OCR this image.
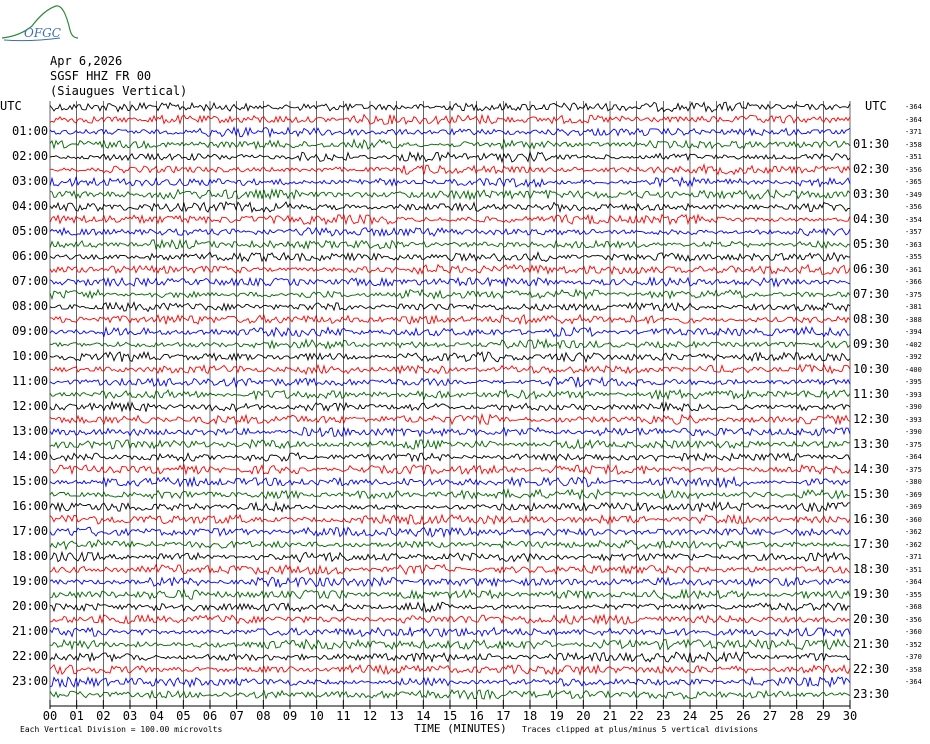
OFGC
Apr 6,2026
SGSF HHZ FR 00
(Siaugues Vertical)
UTC	UTC
01:00
02:00
03:00
04:00
05:00
06:00
07:00
08:00
09:00
10:00
11:00
12:00
13:00
14:00
15:00
16:00
17:00
18:00
19:00
20:00
21:00
22:00
23:00
01:30
02:30
03:30
04:30
05:30
06:30
07:30
08:30
09:30
10:30
11:30
12:30
13:30
14:30
15:30
16:30
17:30
18:30
19:30
20:30
21:30
22:30
23:30
-364
-364
-371
-358
-351
-356
-365
-349
-356
-354
-357
-363
-355
-361
-366
-375
-381
-388
-394
-402
-392
-400
-395
-393
-390
-393
-390
-375
-364
-375
-380
-369
-369
-360
-362
-362
-371
-351
-364
-355
-368
-356
-360
-352
-370
-358
-364
00	01	02	03	04	05	06	07	08	09	10	11	12	13	14	15	16	17	18	19	20	21	22	23	24	25	26	27	28	29	30
Each Vertical Division = 100.00 microvolts	TIME (MINUTES) Traces clipped at plus/minus 5 vertical divisions
